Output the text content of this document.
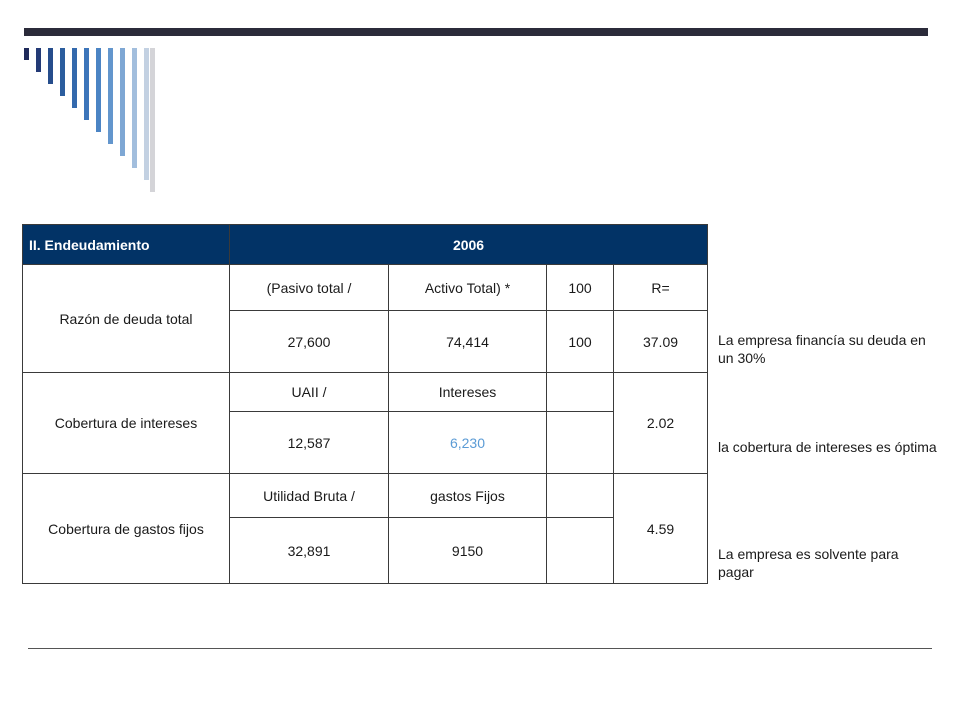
II. Endeudamiento	2006			
Razón de deuda total	(Pasivo total /	Activo Total) *	100	R=
	27,600	74,414	100	37.09
Cobertura de intereses	UAII /	Intereses		2.02
	12,587	6,230		
Cobertura de gastos fijos	Utilidad Bruta /	gastos Fijos		4.59
	32,891	9150		
La empresa financía su deuda en un 30%
la cobertura de intereses es óptima
La empresa es solvente para pagar
